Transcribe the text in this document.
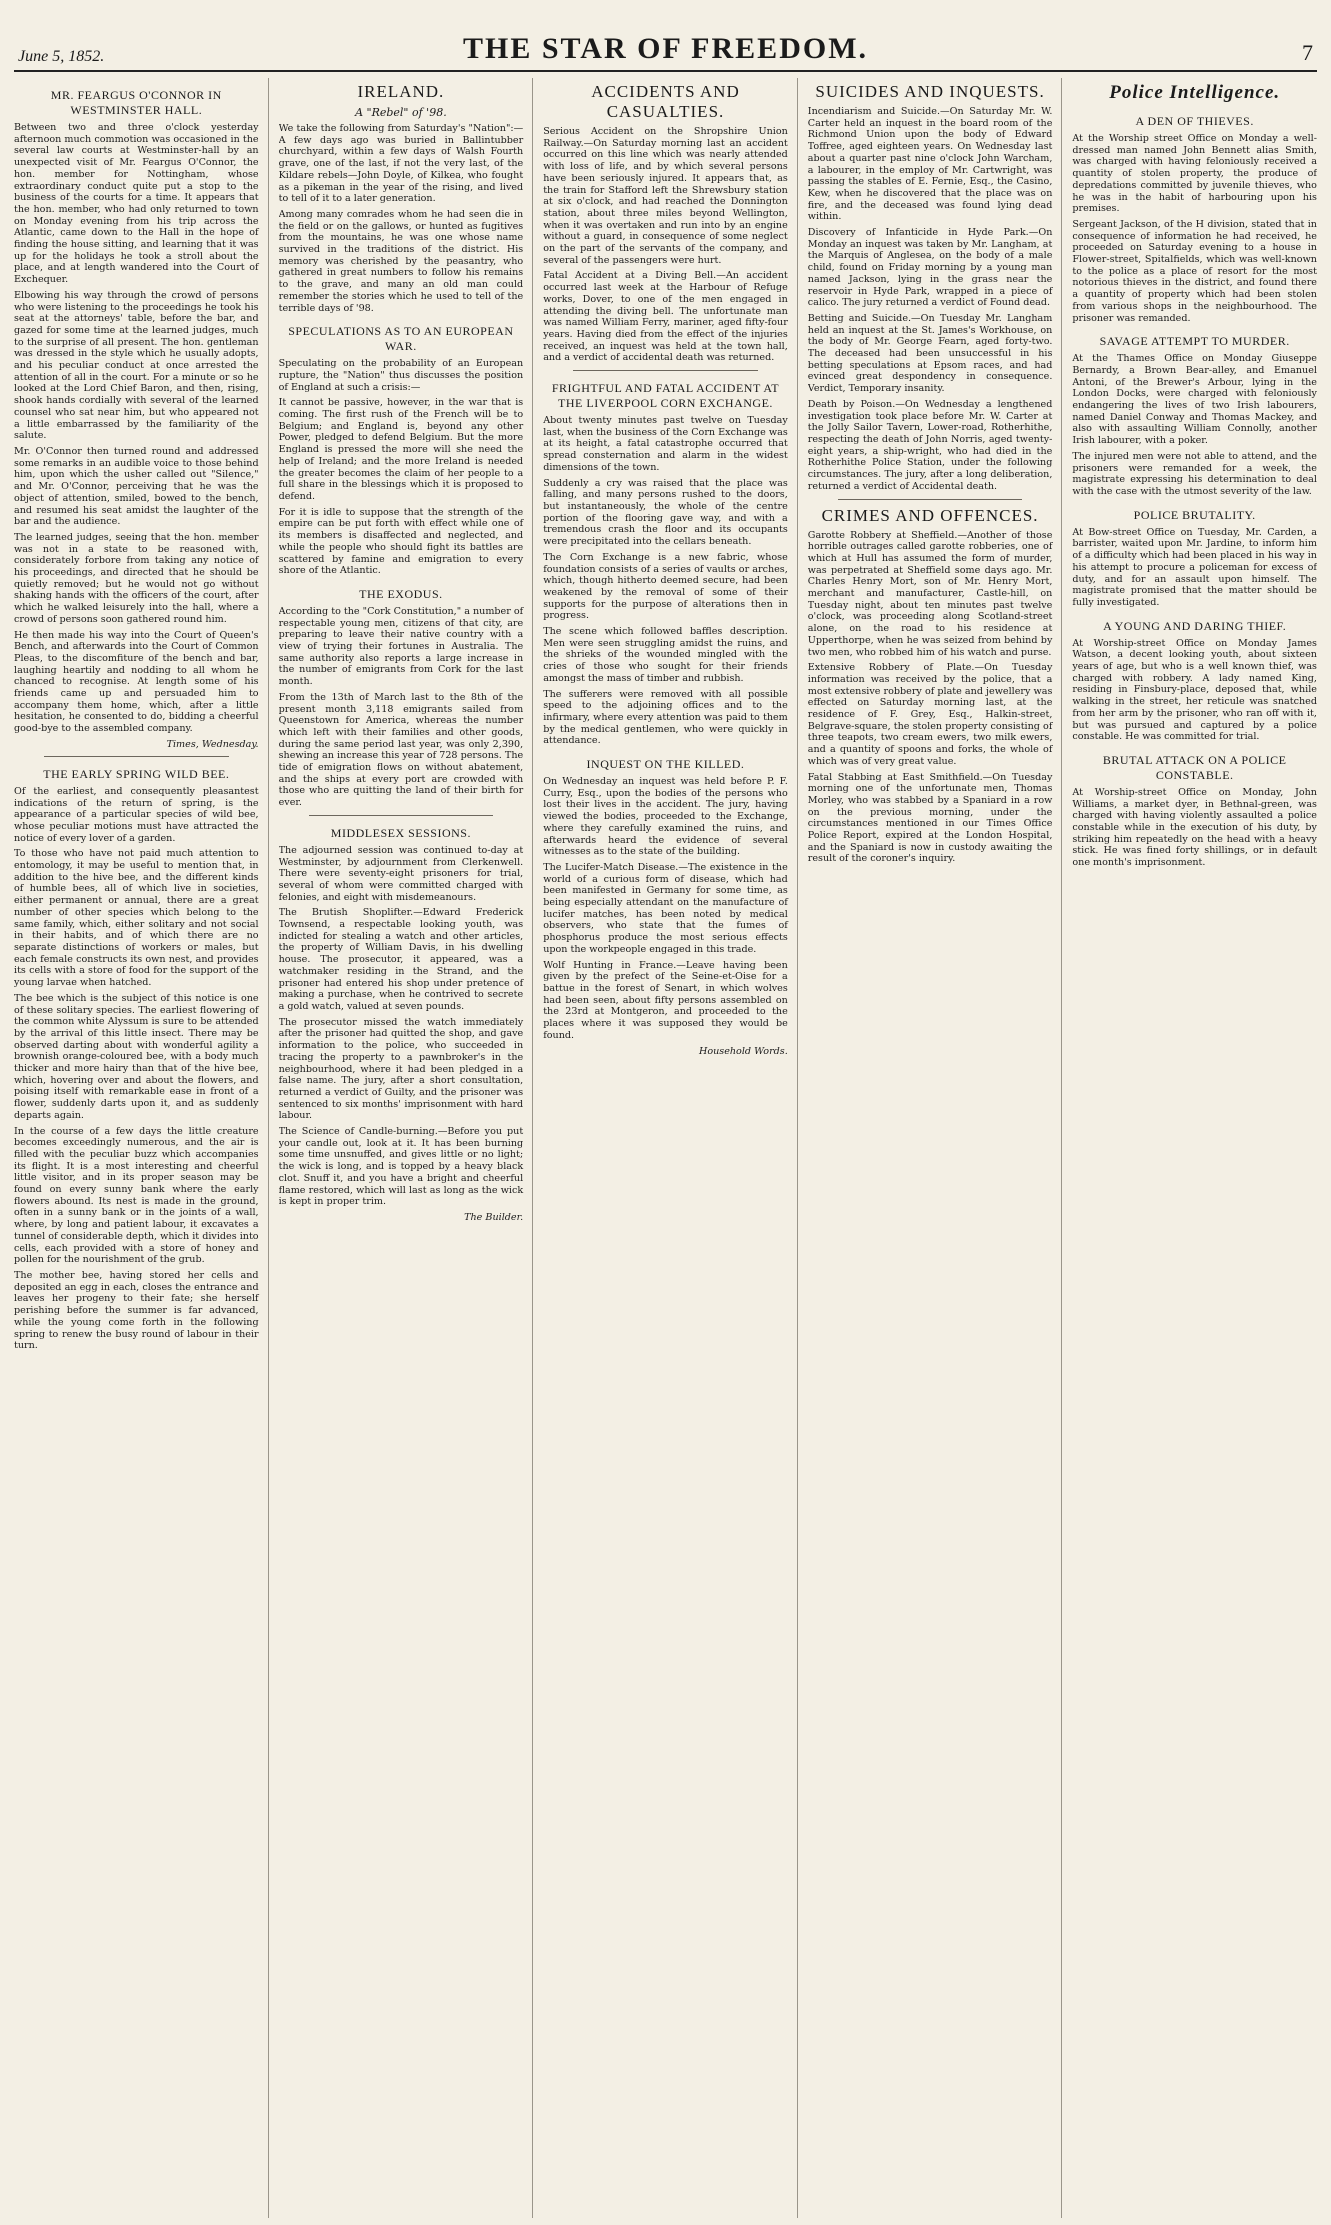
June 5, 1852.	THE STAR OF FREEDOM.	7
MR. FEARGUS O'CONNOR IN WESTMINSTER HALL.

Between two and three o'clock yesterday afternoon much commotion was occasioned in the several law courts at Westminster-hall by an unexpected visit of Mr. Feargus O'Connor, the hon. member for Nottingham, whose extraordinary conduct quite put a stop to the business of the courts for a time. It appears that the hon. member, who had only returned to town on Monday evening from his trip across the Atlantic, came down to the Hall in the hope of finding the house sitting, and learning that it was up for the holidays he took a stroll about the place, and at length wandered into the Court of Exchequer.

Elbowing his way through the crowd of persons who were listening to the proceedings he took his seat at the attorneys' table, before the bar, and gazed for some time at the learned judges, much to the surprise of all present. The hon. gentleman was dressed in the style which he usually adopts, and his peculiar conduct at once arrested the attention of all in the court. For a minute or so he looked at the Lord Chief Baron, and then, rising, shook hands cordially with several of the learned counsel who sat near him, but who appeared not a little embarrassed by the familiarity of the salute.

Mr. O'Connor then turned round and addressed some remarks in an audible voice to those behind him, upon which the usher called out "Silence," and Mr. O'Connor, perceiving that he was the object of attention, smiled, bowed to the bench, and resumed his seat amidst the laughter of the bar and the audience.

The learned judges, seeing that the hon. member was not in a state to be reasoned with, considerately forbore from taking any notice of his proceedings, and directed that he should be quietly removed; but he would not go without shaking hands with the officers of the court, after which he walked leisurely into the hall, where a crowd of persons soon gathered round him.

He then made his way into the Court of Queen's Bench, and afterwards into the Court of Common Pleas, to the discomfiture of the bench and bar, laughing heartily and nodding to all whom he chanced to recognise. At length some of his friends came up and persuaded him to accompany them home, which, after a little hesitation, he consented to do, bidding a cheerful good-bye to the assembled company.

Times, Wednesday.
THE EARLY SPRING WILD BEE.

Of the earliest, and consequently pleasantest indications of the return of spring, is the appearance of a particular species of wild bee, whose peculiar motions must have attracted the notice of every lover of a garden.

To those who have not paid much attention to entomology, it may be useful to mention that, in addition to the hive bee, and the different kinds of humble bees, all of which live in societies, either permanent or annual, there are a great number of other species which belong to the same family, which, either solitary and not social in their habits, and of which there are no separate distinctions of workers or males, but each female constructs its own nest, and provides its cells with a store of food for the support of the young larvae when hatched.

The bee which is the subject of this notice is one of these solitary species. The earliest flowering of the common white Alyssum is sure to be attended by the arrival of this little insect. There may be observed darting about with wonderful agility a brownish orange-coloured bee, with a body much thicker and more hairy than that of the hive bee, which, hovering over and about the flowers, and poising itself with remarkable ease in front of a flower, suddenly darts upon it, and as suddenly departs again.

In the course of a few days the little creature becomes exceedingly numerous, and the air is filled with the peculiar buzz which accompanies its flight. It is a most interesting and cheerful little visitor, and in its proper season may be found on every sunny bank where the early flowers abound. Its nest is made in the ground, often in a sunny bank or in the joints of a wall, where, by long and patient labour, it excavates a tunnel of considerable depth, which it divides into cells, each provided with a store of honey and pollen for the nourishment of the grub.

The mother bee, having stored her cells and deposited an egg in each, closes the entrance and leaves her progeny to their fate; she herself perishing before the summer is far advanced, while the young come forth in the following spring to renew the busy round of labour in their turn.

IRELAND.
A "Rebel" of '98.

We take the following from Saturday's "Nation":—A few days ago was buried in Ballintubber churchyard, within a few days of Walsh Fourth grave, one of the last, if not the very last, of the Kildare rebels—John Doyle, of Kilkea, who fought as a pikeman in the year of the rising, and lived to tell of it to a later generation.

Among many comrades whom he had seen die in the field or on the gallows, or hunted as fugitives from the mountains, he was one whose name survived in the traditions of the district. His memory was cherished by the peasantry, who gathered in great numbers to follow his remains to the grave, and many an old man could remember the stories which he used to tell of the terrible days of '98.

SPECULATIONS AS TO AN EUROPEAN WAR.

Speculating on the probability of an European rupture, the "Nation" thus discusses the position of England at such a crisis:—

It cannot be passive, however, in the war that is coming. The first rush of the French will be to Belgium; and England is, beyond any other Power, pledged to defend Belgium. But the more England is pressed the more will she need the help of Ireland; and the more Ireland is needed the greater becomes the claim of her people to a full share in the blessings which it is proposed to defend.

For it is idle to suppose that the strength of the empire can be put forth with effect while one of its members is disaffected and neglected, and while the people who should fight its battles are scattered by famine and emigration to every shore of the Atlantic.

THE EXODUS.

According to the "Cork Constitution," a number of respectable young men, citizens of that city, are preparing to leave their native country with a view of trying their fortunes in Australia. The same authority also reports a large increase in the number of emigrants from Cork for the last month.

From the 13th of March last to the 8th of the present month 3,118 emigrants sailed from Queenstown for America, whereas the number which left with their families and other goods, during the same period last year, was only 2,390, shewing an increase this year of 728 persons. The tide of emigration flows on without abatement, and the ships at every port are crowded with those who are quitting the land of their birth for ever.

MIDDLESEX SESSIONS.

The adjourned session was continued to-day at Westminster, by adjournment from Clerkenwell. There were seventy-eight prisoners for trial, several of whom were committed charged with felonies, and eight with misdemeanours.

The Brutish Shoplifter.—Edward Frederick Townsend, a respectable looking youth, was indicted for stealing a watch and other articles, the property of William Davis, in his dwelling house. The prosecutor, it appeared, was a watchmaker residing in the Strand, and the prisoner had entered his shop under pretence of making a purchase, when he contrived to secrete a gold watch, valued at seven pounds.

The prosecutor missed the watch immediately after the prisoner had quitted the shop, and gave information to the police, who succeeded in tracing the property to a pawnbroker's in the neighbourhood, where it had been pledged in a false name. The jury, after a short consultation, returned a verdict of Guilty, and the prisoner was sentenced to six months' imprisonment with hard labour.

The Science of Candle-burning.—Before you put your candle out, look at it. It has been burning some time unsnuffed, and gives little or no light; the wick is long, and is topped by a heavy black clot. Snuff it, and you have a bright and cheerful flame restored, which will last as long as the wick is kept in proper trim.

The Builder.
ACCIDENTS AND CASUALTIES.

Serious Accident on the Shropshire Union Railway.—On Saturday morning last an accident occurred on this line which was nearly attended with loss of life, and by which several persons have been seriously injured. It appears that, as the train for Stafford left the Shrewsbury station at six o'clock, and had reached the Donnington station, about three miles beyond Wellington, when it was overtaken and run into by an engine without a guard, in consequence of some neglect on the part of the servants of the company, and several of the passengers were hurt.

Fatal Accident at a Diving Bell.—An accident occurred last week at the Harbour of Refuge works, Dover, to one of the men engaged in attending the diving bell. The unfortunate man was named William Ferry, mariner, aged fifty-four years. Having died from the effect of the injuries received, an inquest was held at the town hall, and a verdict of accidental death was returned.

FRIGHTFUL AND FATAL ACCIDENT AT THE LIVERPOOL CORN EXCHANGE.

About twenty minutes past twelve on Tuesday last, when the business of the Corn Exchange was at its height, a fatal catastrophe occurred that spread consternation and alarm in the widest dimensions of the town.

Suddenly a cry was raised that the place was falling, and many persons rushed to the doors, but instantaneously, the whole of the centre portion of the flooring gave way, and with a tremendous crash the floor and its occupants were precipitated into the cellars beneath.

The Corn Exchange is a new fabric, whose foundation consists of a series of vaults or arches, which, though hitherto deemed secure, had been weakened by the removal of some of their supports for the purpose of alterations then in progress.

The scene which followed baffles description. Men were seen struggling amidst the ruins, and the shrieks of the wounded mingled with the cries of those who sought for their friends amongst the mass of timber and rubbish.

The sufferers were removed with all possible speed to the adjoining offices and to the infirmary, where every attention was paid to them by the medical gentlemen, who were quickly in attendance.

INQUEST ON THE KILLED.

On Wednesday an inquest was held before P. F. Curry, Esq., upon the bodies of the persons who lost their lives in the accident. The jury, having viewed the bodies, proceeded to the Exchange, where they carefully examined the ruins, and afterwards heard the evidence of several witnesses as to the state of the building.

The Lucifer-Match Disease.—The existence in the world of a curious form of disease, which had been manifested in Germany for some time, as being especially attendant on the manufacture of lucifer matches, has been noted by medical observers, who state that the fumes of phosphorus produce the most serious effects upon the workpeople engaged in this trade.

Wolf Hunting in France.—Leave having been given by the prefect of the Seine-et-Oise for a battue in the forest of Senart, in which wolves had been seen, about fifty persons assembled on the 23rd at Montgeron, and proceeded to the places where it was supposed they would be found.

Household Words.
SUICIDES AND INQUESTS.

Incendiarism and Suicide.—On Saturday Mr. W. Carter held an inquest in the board room of the Richmond Union upon the body of Edward Toffree, aged eighteen years. On Wednesday last about a quarter past nine o'clock John Warcham, a labourer, in the employ of Mr. Cartwright, was passing the stables of E. Fernie, Esq., the Casino, Kew, when he discovered that the place was on fire, and the deceased was found lying dead within.

Discovery of Infanticide in Hyde Park.—On Monday an inquest was taken by Mr. Langham, at the Marquis of Anglesea, on the body of a male child, found on Friday morning by a young man named Jackson, lying in the grass near the reservoir in Hyde Park, wrapped in a piece of calico. The jury returned a verdict of Found dead.

Betting and Suicide.—On Tuesday Mr. Langham held an inquest at the St. James's Workhouse, on the body of Mr. George Fearn, aged forty-two. The deceased had been unsuccessful in his betting speculations at Epsom races, and had evinced great despondency in consequence. Verdict, Temporary insanity.

Death by Poison.—On Wednesday a lengthened investigation took place before Mr. W. Carter at the Jolly Sailor Tavern, Lower-road, Rotherhithe, respecting the death of John Norris, aged twenty-eight years, a ship-wright, who had died in the Rotherhithe Police Station, under the following circumstances. The jury, after a long deliberation, returned a verdict of Accidental death.

CRIMES AND OFFENCES.

Garotte Robbery at Sheffield.—Another of those horrible outrages called garotte robberies, one of which at Hull has assumed the form of murder, was perpetrated at Sheffield some days ago. Mr. Charles Henry Mort, son of Mr. Henry Mort, merchant and manufacturer, Castle-hill, on Tuesday night, about ten minutes past twelve o'clock, was proceeding along Scotland-street alone, on the road to his residence at Upperthorpe, when he was seized from behind by two men, who robbed him of his watch and purse.

Extensive Robbery of Plate.—On Tuesday information was received by the police, that a most extensive robbery of plate and jewellery was effected on Saturday morning last, at the residence of F. Grey, Esq., Halkin-street, Belgrave-square, the stolen property consisting of three teapots, two cream ewers, two milk ewers, and a quantity of spoons and forks, the whole of which was of very great value.

Fatal Stabbing at East Smithfield.—On Tuesday morning one of the unfortunate men, Thomas Morley, who was stabbed by a Spaniard in a row on the previous morning, under the circumstances mentioned in our Times Office Police Report, expired at the London Hospital, and the Spaniard is now in custody awaiting the result of the coroner's inquiry.

Police Intelligence.
A DEN OF THIEVES.

At the Worship street Office on Monday a well-dressed man named John Bennett alias Smith, was charged with having feloniously received a quantity of stolen property, the produce of depredations committed by juvenile thieves, who he was in the habit of harbouring upon his premises.

Sergeant Jackson, of the H division, stated that in consequence of information he had received, he proceeded on Saturday evening to a house in Flower-street, Spitalfields, which was well-known to the police as a place of resort for the most notorious thieves in the district, and found there a quantity of property which had been stolen from various shops in the neighbourhood. The prisoner was remanded.

SAVAGE ATTEMPT TO MURDER.

At the Thames Office on Monday Giuseppe Bernardy, a Brown Bear-alley, and Emanuel Antoni, of the Brewer's Arbour, lying in the London Docks, were charged with feloniously endangering the lives of two Irish labourers, named Daniel Conway and Thomas Mackey, and also with assaulting William Connolly, another Irish labourer, with a poker.

The injured men were not able to attend, and the prisoners were remanded for a week, the magistrate expressing his determination to deal with the case with the utmost severity of the law.

POLICE BRUTALITY.

At Bow-street Office on Tuesday, Mr. Carden, a barrister, waited upon Mr. Jardine, to inform him of a difficulty which had been placed in his way in his attempt to procure a policeman for excess of duty, and for an assault upon himself. The magistrate promised that the matter should be fully investigated.

A YOUNG AND DARING THIEF.

At Worship-street Office on Monday James Watson, a decent looking youth, about sixteen years of age, but who is a well known thief, was charged with robbery. A lady named King, residing in Finsbury-place, deposed that, while walking in the street, her reticule was snatched from her arm by the prisoner, who ran off with it, but was pursued and captured by a police constable. He was committed for trial.

BRUTAL ATTACK ON A POLICE CONSTABLE.

At Worship-street Office on Monday, John Williams, a market dyer, in Bethnal-green, was charged with having violently assaulted a police constable while in the execution of his duty, by striking him repeatedly on the head with a heavy stick. He was fined forty shillings, or in default one month's imprisonment.
